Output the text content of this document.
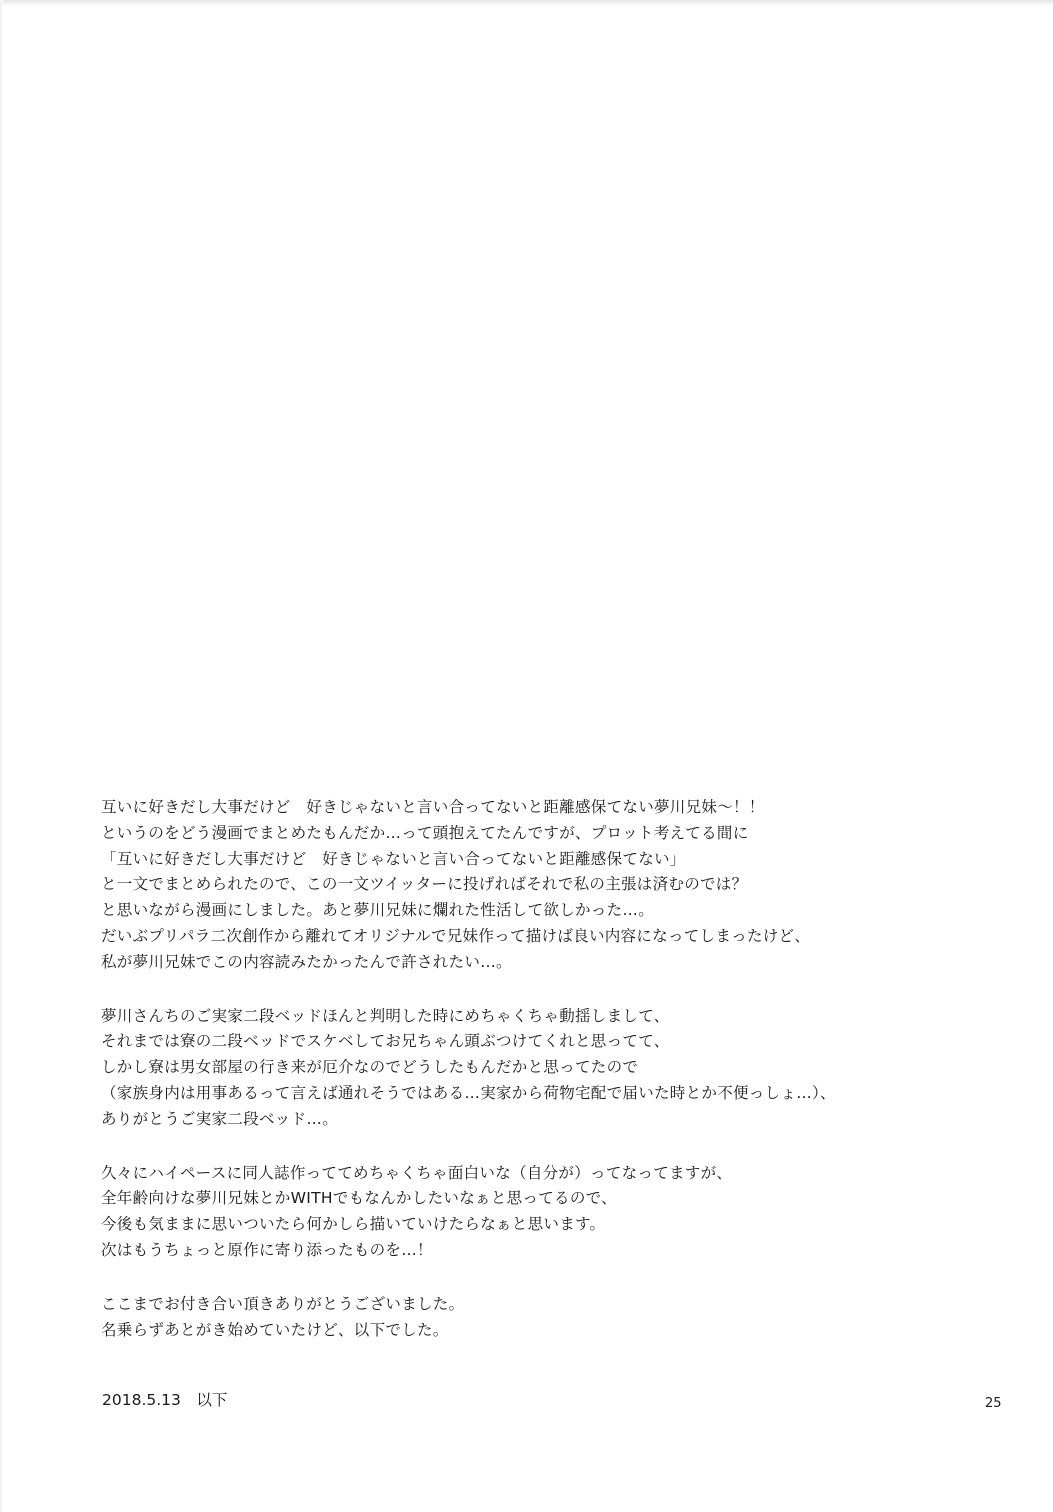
互いに好きだし大事だけど　好きじゃないと言い合ってないと距離感保てない夢川兄妹～！！
というのをどう漫画でまとめたもんだか…って頭抱えてたんですが、プロット考えてる間に
「互いに好きだし大事だけど　好きじゃないと言い合ってないと距離感保てない」
と一文でまとめられたので、この一文ツイッターに投げればそれで私の主張は済むのでは？
と思いながら漫画にしました。あと夢川兄妹に爛れた性活して欲しかった…。
だいぶプリパラ二次創作から離れてオリジナルで兄妹作って描けば良い内容になってしまったけど、
私が夢川兄妹でこの内容読みたかったんで許されたい…。
夢川さんちのご実家二段ベッドほんと判明した時にめちゃくちゃ動揺しまして、
それまでは寮の二段ベッドでスケベしてお兄ちゃん頭ぶつけてくれと思ってて、
しかし寮は男女部屋の行き来が厄介なのでどうしたもんだかと思ってたので
（家族身内は用事あるって言えば通れそうではある…実家から荷物宅配で届いた時とか不便っしょ…）、
ありがとうご実家二段ベッド…。
久々にハイペースに同人誌作っててめちゃくちゃ面白いな（自分が）ってなってますが、
全年齢向けな夢川兄妹とかWITHでもなんかしたいなぁと思ってるので、
今後も気ままに思いついたら何かしら描いていけたらなぁと思います。
次はもうちょっと原作に寄り添ったものを…！
ここまでお付き合い頂きありがとうございました。
名乗らずあとがき始めていたけど、以下でした。
2018.5.13　以下	25
